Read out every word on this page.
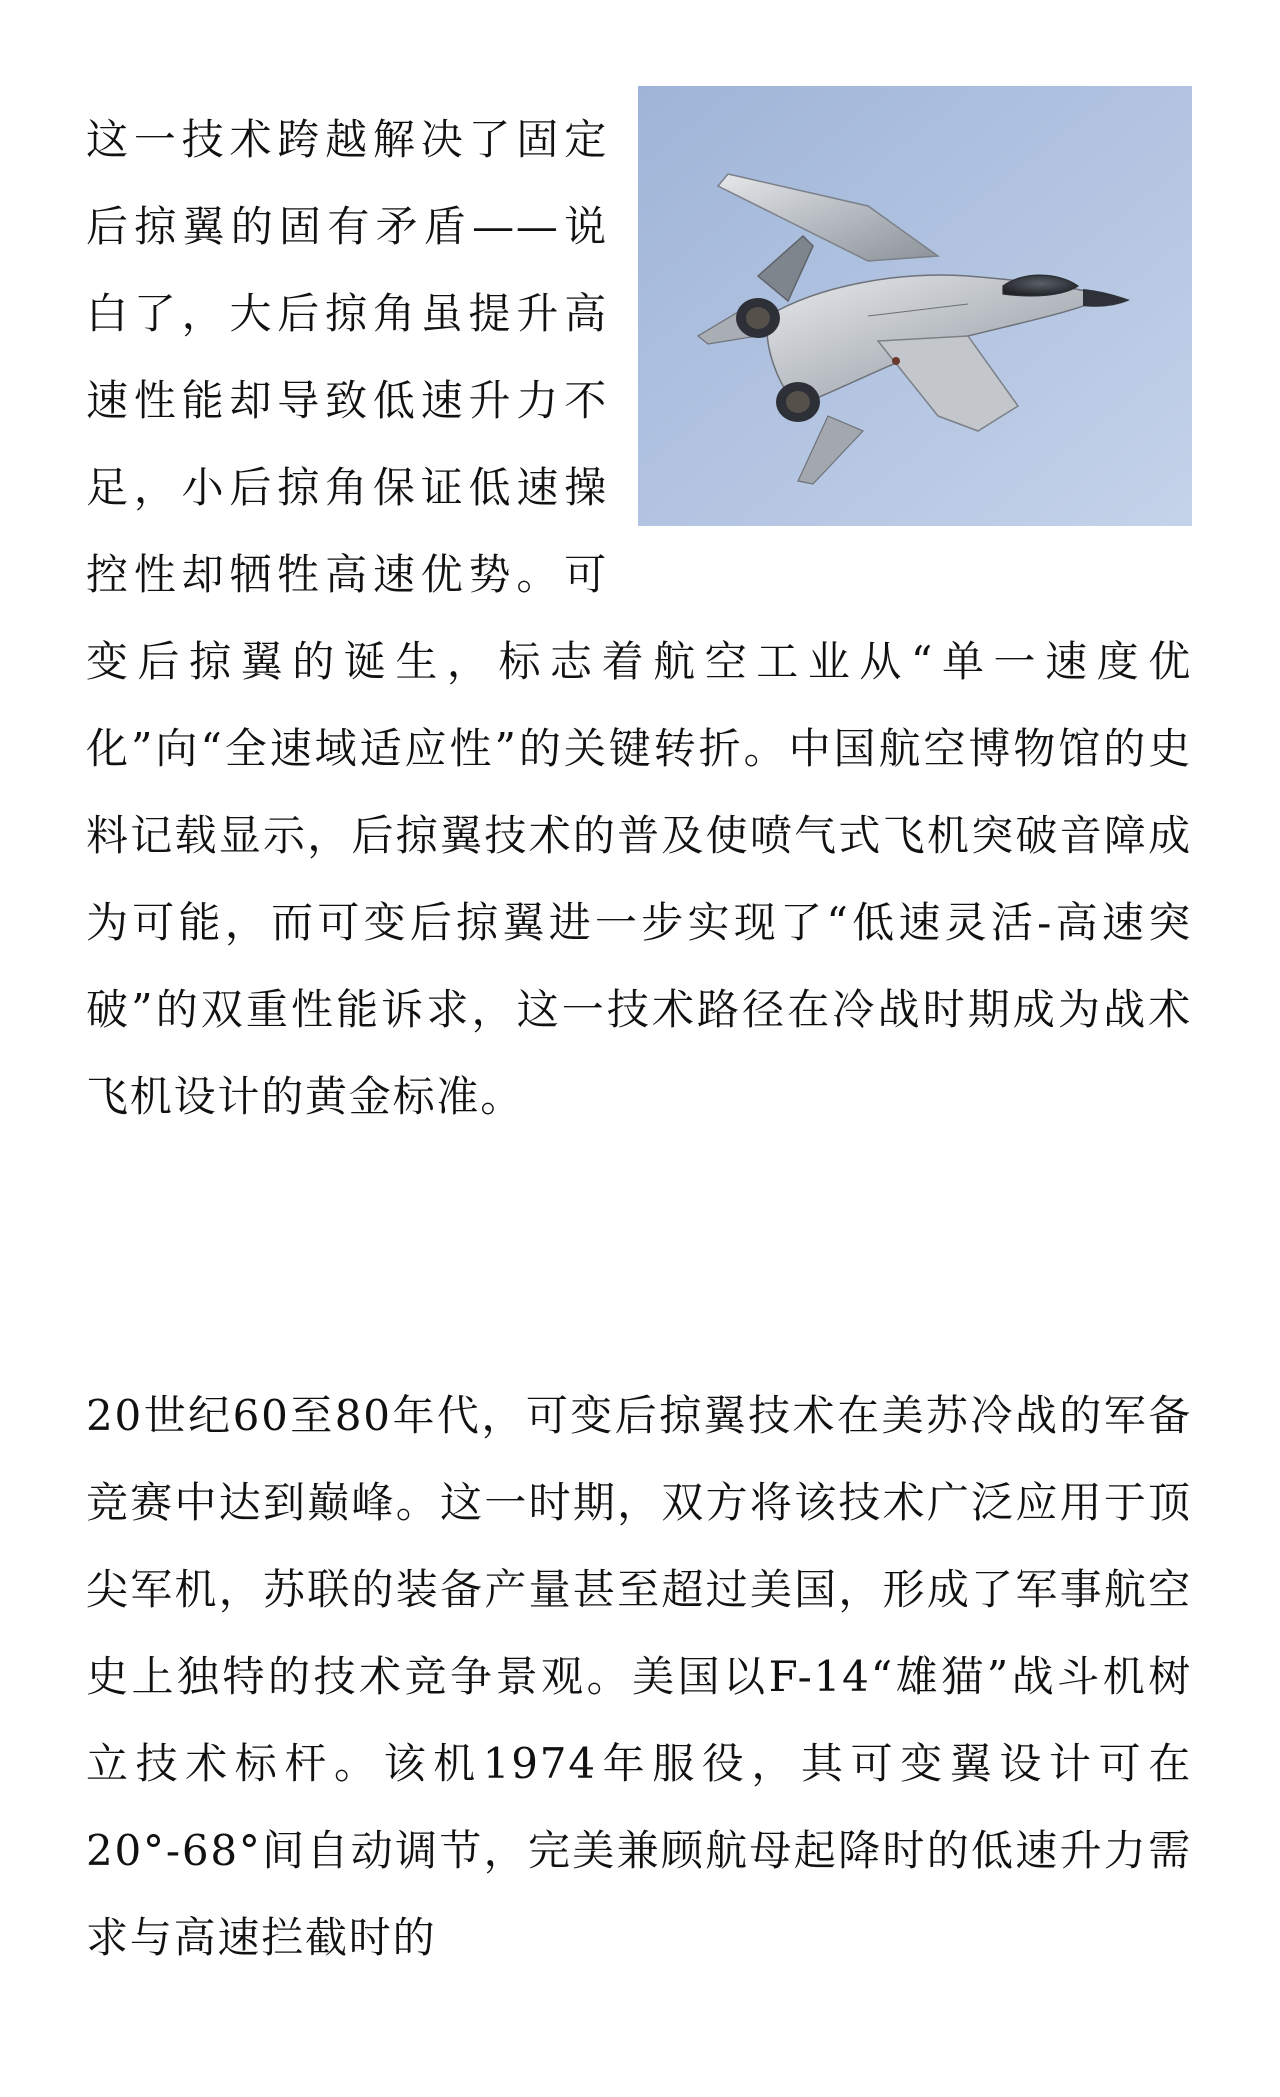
这一技术跨越解决了固定后掠翼的固有矛盾——说白了，大后掠角虽提升高速性能却导致低速升力不足，小后掠角保证低速操控性却牺牲高速优势。可变后掠翼的诞生，标志着航空工业从“单一速度优化”向“全速域适应性”的关键转折。中国航空博物馆的史料记载显示，后掠翼技术的普及使喷气式飞机突破音障成为可能，而可变后掠翼进一步实现了“低速灵活-高速突破”的双重性能诉求，这一技术路径在冷战时期成为战术飞机设计的黄金标准。

20世纪60至80年代，可变后掠翼技术在美苏冷战的军备竞赛中达到巅峰。这一时期，双方将该技术广泛应用于顶尖军机，苏联的装备产量甚至超过美国，形成了军事航空史上独特的技术竞争景观。美国以F-14“雄猫”战斗机树立技术标杆。该机1974年服役，其可变翼设计可在20°-68°间自动调节，完美兼顾航母起降时的低速升力需求与高速拦截时的
